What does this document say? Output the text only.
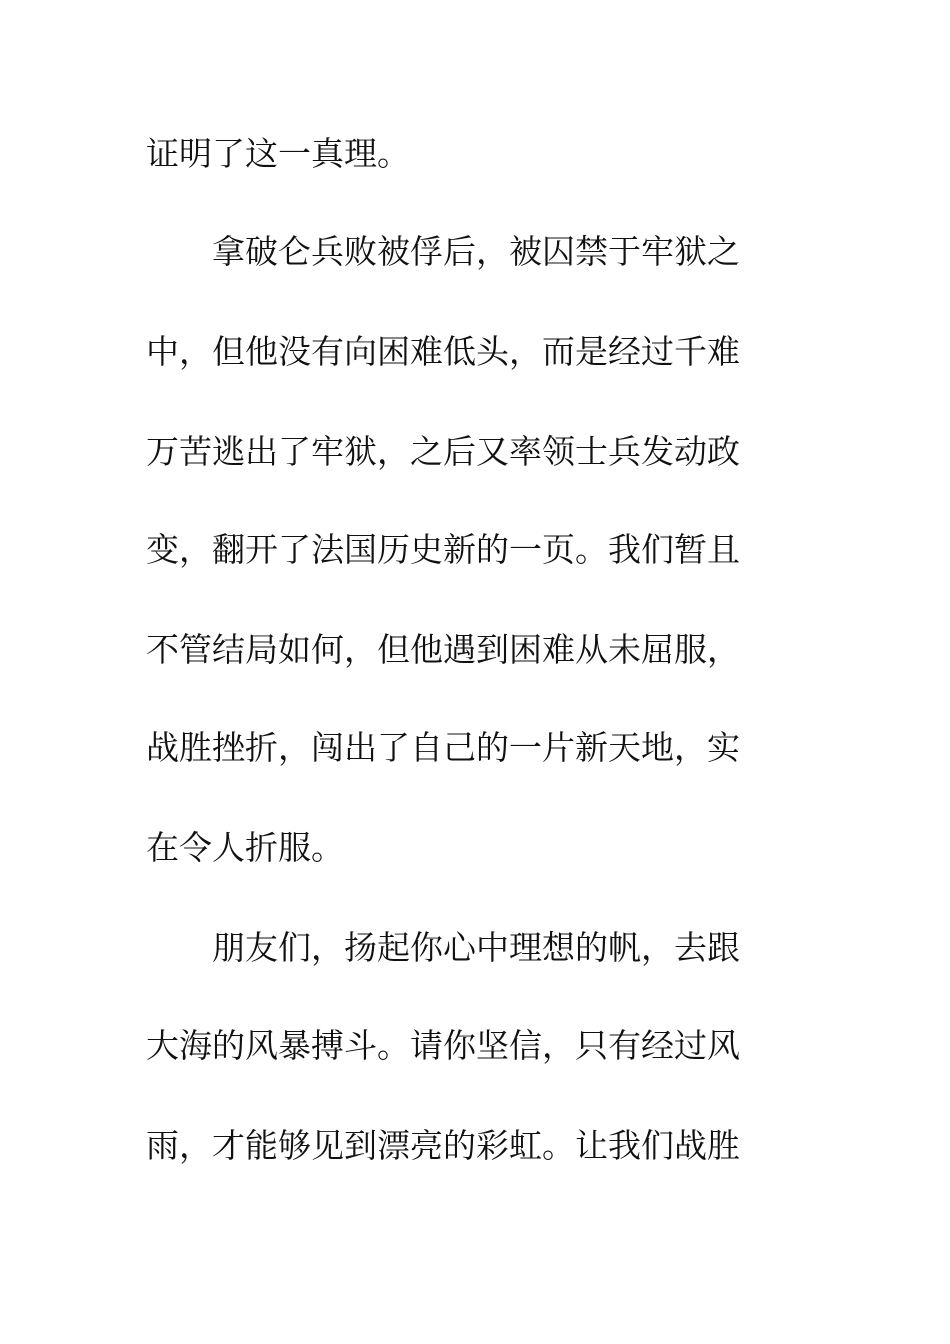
证明了这一真理。
　　拿破仑兵败被俘后，被囚禁于牢狱之
中，但他没有向困难低头，而是经过千难
万苦逃出了牢狱，之后又率领士兵发动政
变，翻开了法国历史新的一页。我们暂且
不管结局如何，但他遇到困难从未屈服，
战胜挫折，闯出了自己的一片新天地，实
在令人折服。
　　朋友们，扬起你心中理想的帆，去跟
大海的风暴搏斗。请你坚信，只有经过风
雨，才能够见到漂亮的彩虹。让我们战胜
